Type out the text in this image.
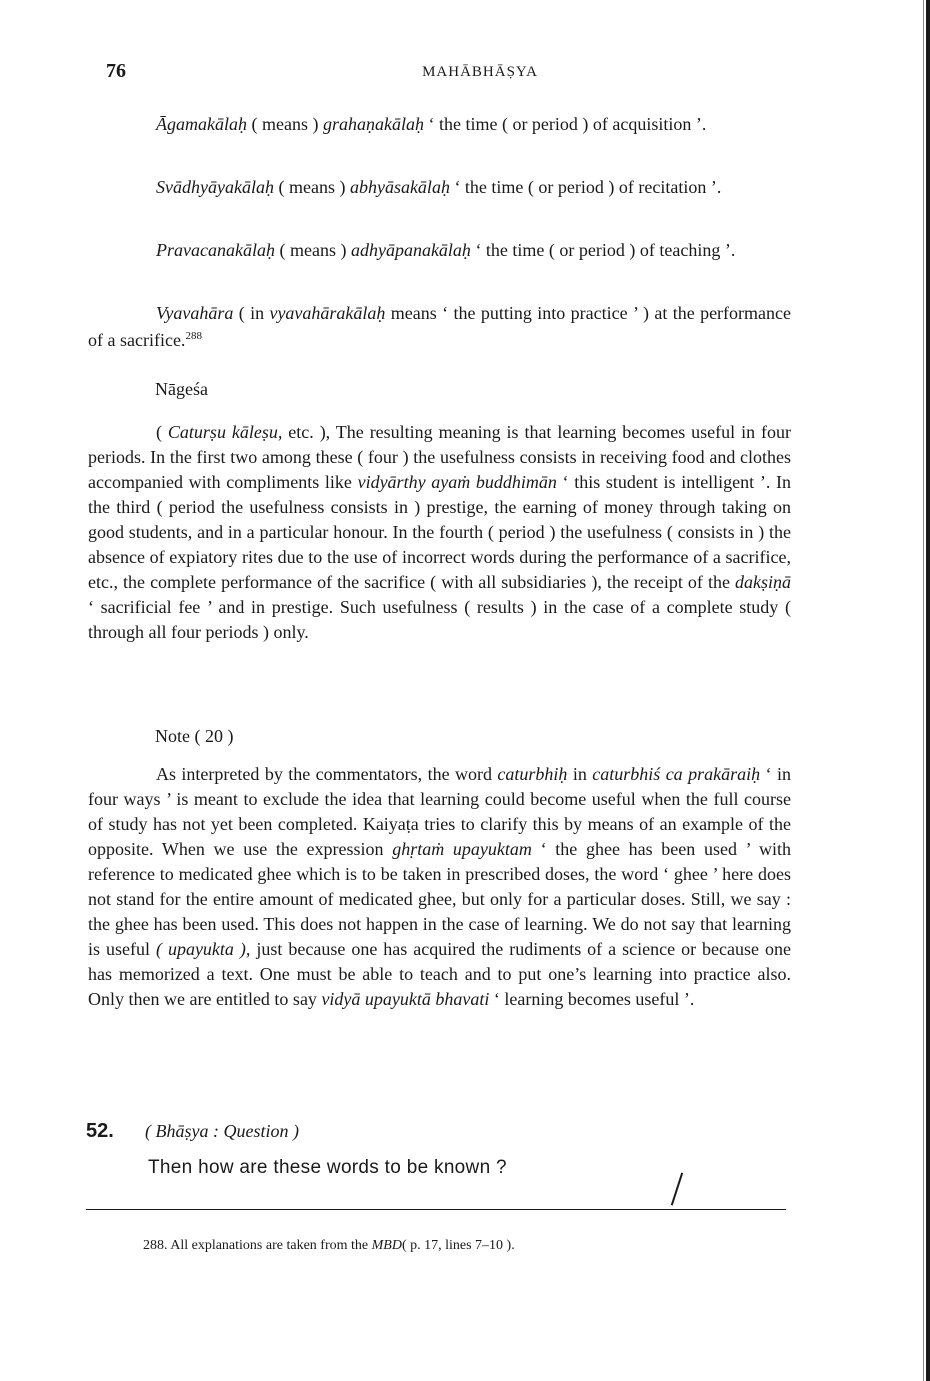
76	MAHĀBHĀṢYA
Āgamakālaḥ ( means ) grahaṇakālaḥ ‘ the time ( or period ) of acquisition ’.
Svādhyāyakālaḥ ( means ) abhyāsakālaḥ ‘ the time ( or period ) of recitation ’.
Pravacanakālaḥ ( means ) adhyāpanakālaḥ ‘ the time ( or period ) of teaching ’.
Vyavahāra ( in vyavahārakālaḥ means ‘ the putting into practice ’ ) at the performance of a sacrifice.$^{288}$
Nāgeśa
( Caturṣu kāleṣu, etc. ), The resulting meaning is that learning becomes useful in four periods. In the first two among these ( four ) the usefulness consists in receiving food and clothes accompanied with compliments like vidyārthy ayaṁ buddhimān ‘ this student is intelligent ’. In the third ( period the usefulness consists in ) prestige, the earning of money through taking on good students, and in a particular honour. In the fourth ( period ) the usefulness ( consists in ) the absence of expiatory rites due to the use of incorrect words during the performance of a sacrifice, etc., the complete performance of the sacrifice ( with all subsidiaries ), the receipt of the dakṣiṇā ‘ sacrificial fee ’ and in prestige. Such usefulness ( results ) in the case of a complete study ( through all four periods ) only.
Note ( 20 )
As interpreted by the commentators, the word caturbhiḥ in caturbhiś ca prakāraiḥ ‘ in four ways ’ is meant to exclude the idea that learning could become useful when the full course of study has not yet been completed. Kaiyaṭa tries to clarify this by means of an example of the opposite. When we use the expression ghṛtaṁ upayuktam ‘ the ghee has been used ’ with reference to medicated ghee which is to be taken in prescribed doses, the word ‘ ghee ’ here does not stand for the entire amount of medicated ghee, but only for a particular doses. Still, we say : the ghee has been used. This does not happen in the case of learning. We do not say that learning is useful ( upayukta ), just because one has acquired the rudiments of a science or because one has memorized a text. One must be able to teach and to put one’s learning into practice also. Only then we are entitled to say vidyā upayuktā bhavati ‘ learning becomes useful ’.
52. ( Bhāṣya : Question )
Then how are these words to be known ?
288. All explanations are taken from the MBD( p. 17, lines 7–10 ).
